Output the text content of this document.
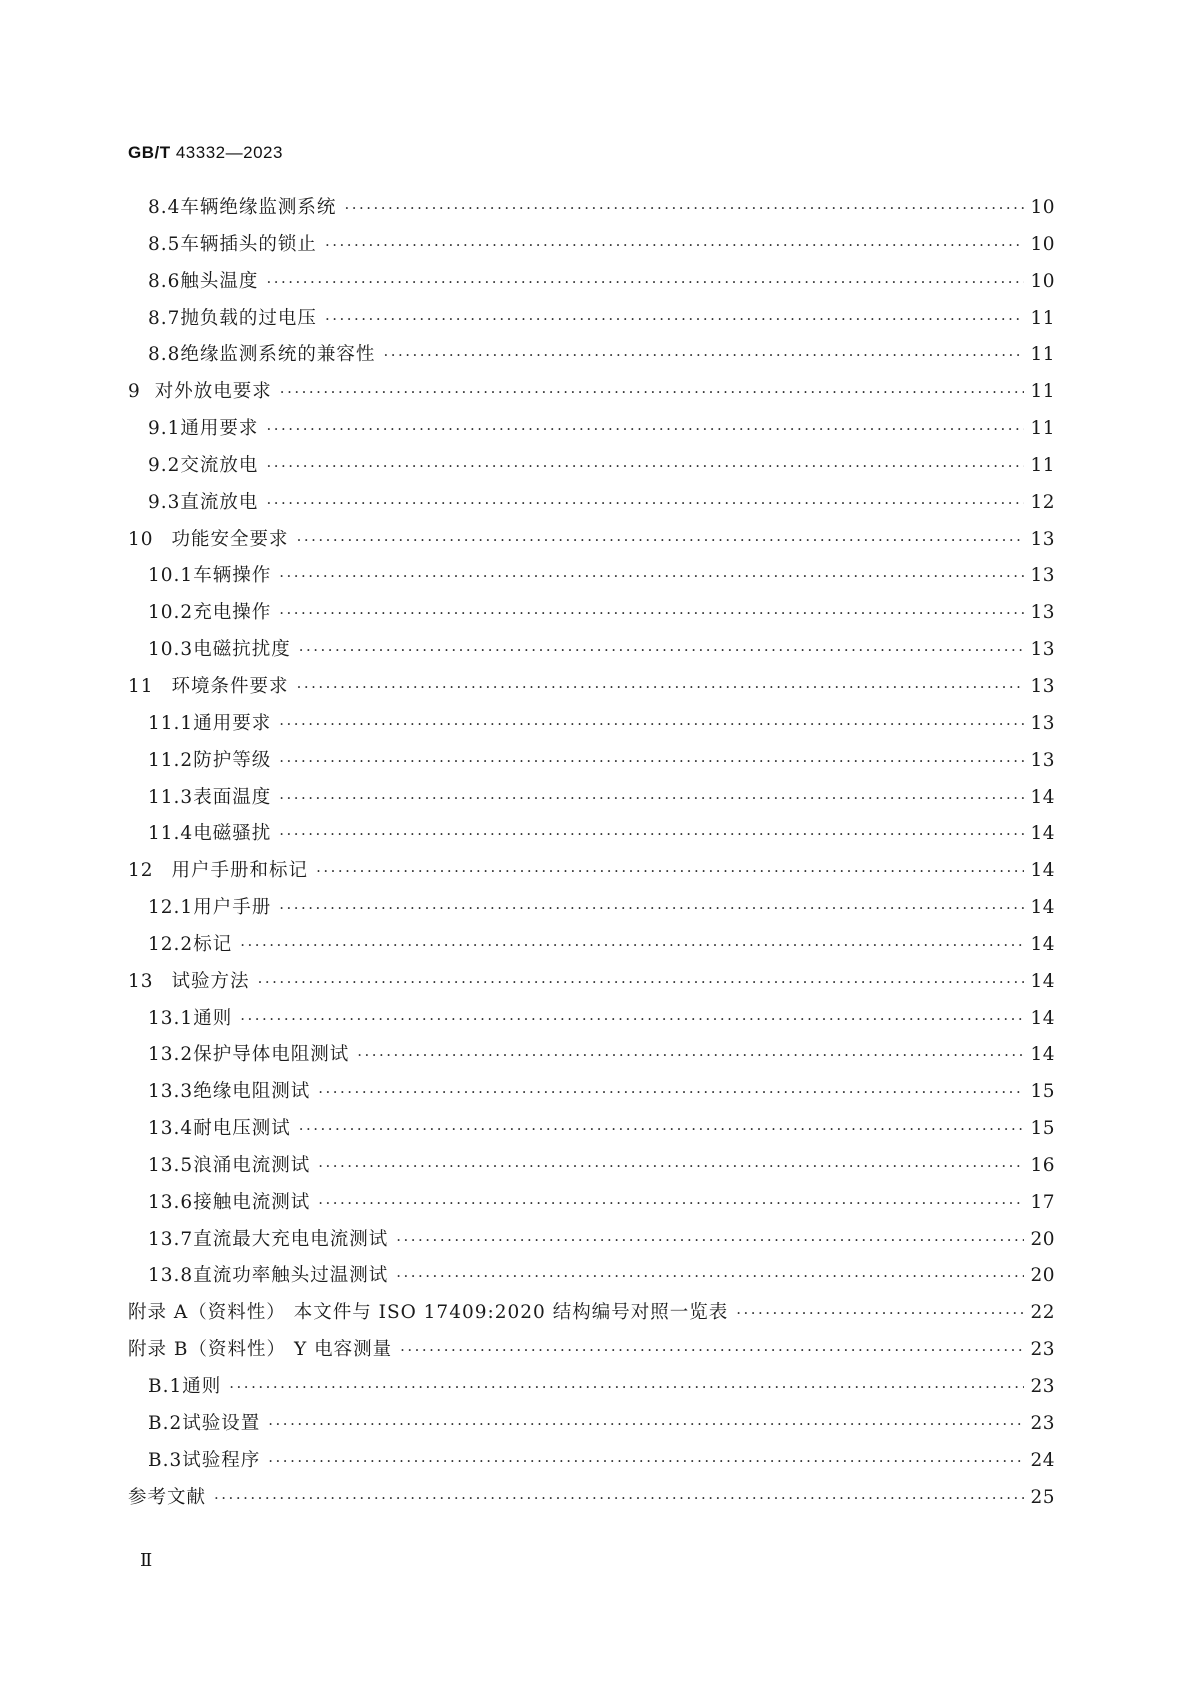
GB/T 43332—2023
8.4 车辆绝缘监测系统 ·····	10
8.5 车辆插头的锁止 ·····	10
8.6 触头温度 ·····	10
8.7 抛负载的过电压 ·····	11
8.8 绝缘监测系统的兼容性 ·····	11
9 对外放电要求 ·····	11
9.1 通用要求 ·····	11
9.2 交流放电 ·····	11
9.3 直流放电 ·····	12
10 功能安全要求 ·····	13
10.1 车辆操作 ·····	13
10.2 充电操作 ·····	13
10.3 电磁抗扰度 ·····	13
11 环境条件要求 ·····	13
11.1 通用要求 ·····	13
11.2 防护等级 ·····	13
11.3 表面温度 ·····	14
11.4 电磁骚扰 ·····	14
12 用户手册和标记 ·····	14
12.1 用户手册 ·····	14
12.2 标记 ·····	14
13 试验方法 ·····	14
13.1 通则 ·····	14
13.2 保护导体电阻测试 ·····	14
13.3 绝缘电阻测试 ·····	15
13.4 耐电压测试 ·····	15
13.5 浪涌电流测试 ·····	16
13.6 接触电流测试 ·····	17
13.7 直流最大充电电流测试 ·····	20
13.8 直流功率触头过温测试 ·····	20
附录 A（资料性） 本文件与 ISO 17409:2020 结构编号对照一览表 ·····	22
附录 B（资料性） Y 电容测量 ·····	23
B.1 通则 ·····	23
B.2 试验设置 ·····	23
B.3 试验程序 ·····	24
参考文献 ·····	25
Ⅱ
